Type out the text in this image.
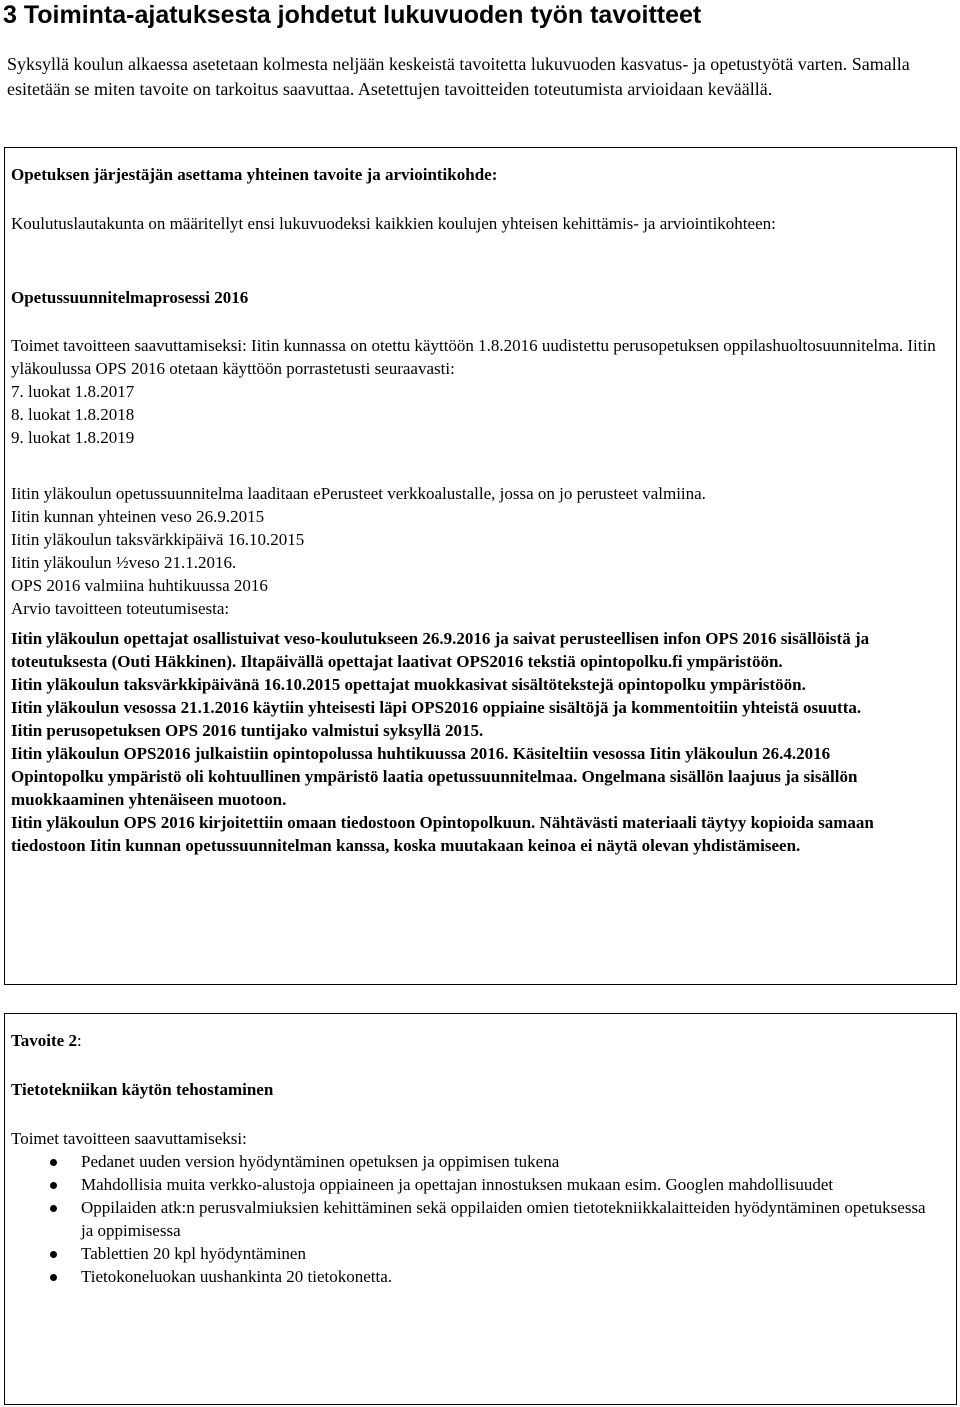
3 Toiminta-ajatuksesta johdetut lukuvuoden työn tavoitteet

Syksyllä koulun alkaessa asetetaan kolmesta neljään keskeistä tavoitetta lukuvuoden kasvatus- ja opetustyötä varten. Samalla esitetään se miten tavoite on tarkoitus saavuttaa. Asetettujen tavoitteiden toteutumista arvioidaan keväällä.

Opetuksen järjestäjän asettama yhteinen tavoite ja arviointikohde:

Koulutuslautakunta on määritellyt ensi lukuvuodeksi kaikkien koulujen yhteisen kehittämis- ja arviointikohteen:

Opetussuunnitelmaprosessi 2016

Toimet tavoitteen saavuttamiseksi: Iitin kunnassa on otettu käyttöön 1.8.2016 uudistettu perusopetuksen oppilashuoltosuunnitelma. Iitin yläkoulussa OPS 2016 otetaan käyttöön porrastetusti seuraavasti:
7. luokat 1.8.2017
8. luokat 1.8.2018
9. luokat 1.8.2019
Iitin yläkoulun opetussuunnitelma laaditaan ePerusteet verkkoalustalle, jossa on jo perusteet valmiina.
Iitin kunnan yhteinen veso 26.9.2015
Iitin yläkoulun taksvärkkipäivä 16.10.2015
Iitin yläkoulun ½veso 21.1.2016.
OPS 2016 valmiina huhtikuussa 2016
Arvio tavoitteen toteutumisesta:
Iitin yläkoulun opettajat osallistuivat veso-koulutukseen 26.9.2016 ja saivat perusteellisen infon OPS 2016 sisällöistä ja toteutuksesta (Outi Häkkinen). Iltapäivällä opettajat laativat OPS2016 tekstiä opintopolku.fi ympäristöön.
Iitin yläkoulun taksvärkkipäivänä 16.10.2015 opettajat muokkasivat sisältötekstejä opintopolku ympäristöön.
Iitin yläkoulun vesossa 21.1.2016 käytiin yhteisesti läpi OPS2016 oppiaine sisältöjä ja kommentoitiin yhteistä osuutta.
Iitin perusopetuksen OPS 2016 tuntijako valmistui syksyllä 2015.
Iitin yläkoulun OPS2016 julkaistiin opintopolussa huhtikuussa 2016. Käsiteltiin vesossa Iitin yläkoulun 26.4.2016
Opintopolku ympäristö oli kohtuullinen ympäristö laatia opetussuunnitelmaa. Ongelmana sisällön laajuus ja sisällön muokkaaminen yhtenäiseen muotoon.
Iitin yläkoulun OPS 2016 kirjoitettiin omaan tiedostoon Opintopolkuun. Nähtävästi materiaali täytyy kopioida samaan tiedostoon Iitin kunnan opetussuunnitelman kanssa, koska muutakaan keinoa ei näytä olevan yhdistämiseen.

Tavoite 2:

Tietotekniikan käytön tehostaminen

Toimet tavoitteen saavuttamiseksi:

Pedanet uuden version hyödyntäminen opetuksen ja oppimisen tukena
Mahdollisia muita verkko-alustoja oppiaineen ja opettajan innostuksen mukaan esim. Googlen mahdollisuudet
Oppilaiden atk:n perusvalmiuksien kehittäminen sekä oppilaiden omien tietotekniikkalaitteiden hyödyntäminen opetuksessa ja oppimisessa
Tablettien 20 kpl hyödyntäminen
Tietokoneluokan uushankinta 20 tietokonetta.
